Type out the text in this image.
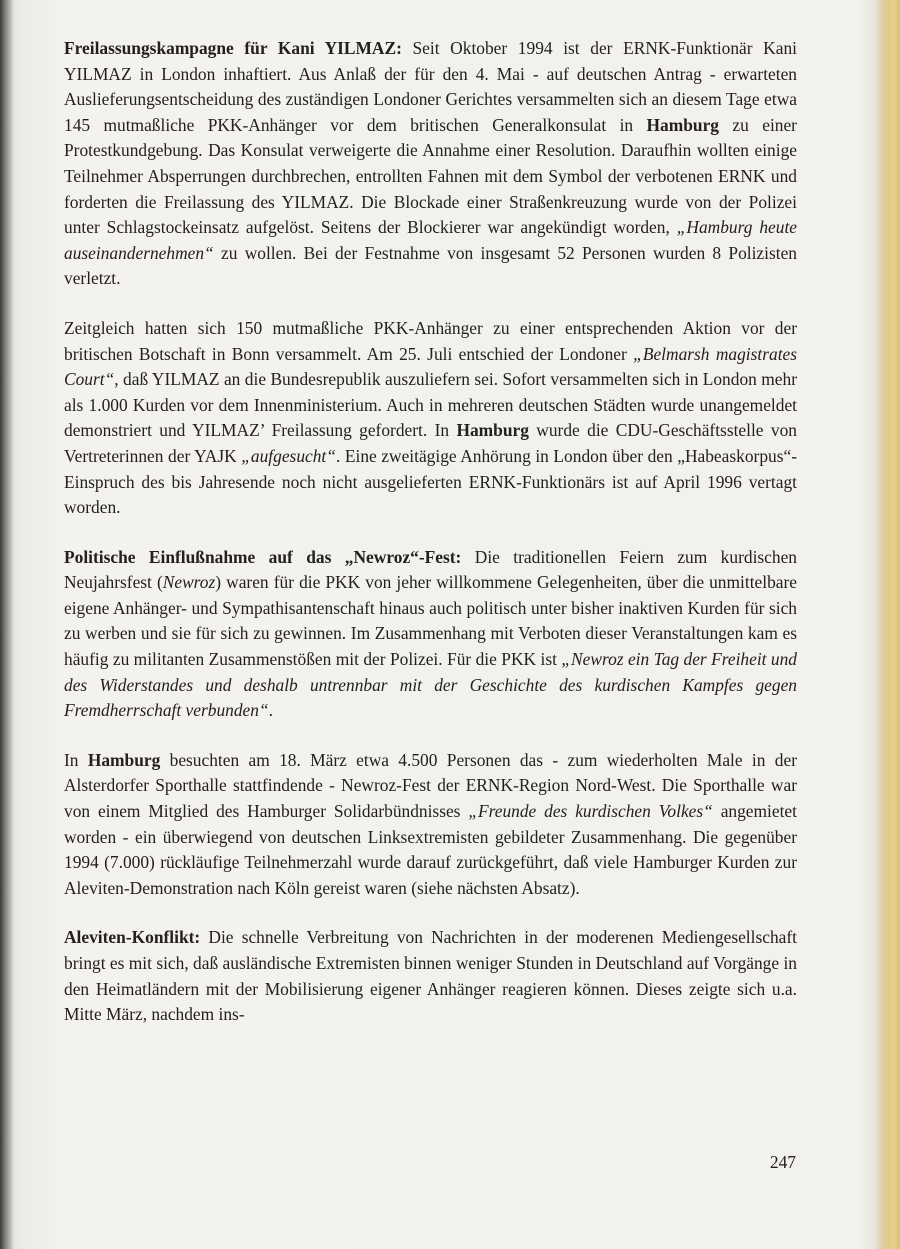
Freilassungskampagne für Kani YILMAZ: Seit Oktober 1994 ist der ERNK-Funktionär Kani YILMAZ in London inhaftiert. Aus Anlaß der für den 4. Mai - auf deutschen Antrag - erwarteten Auslieferungsentscheidung des zuständigen Londoner Gerichtes versammelten sich an diesem Tage etwa 145 mutmaßliche PKK-Anhänger vor dem britischen Generalkonsulat in Hamburg zu einer Protestkundgebung. Das Konsulat verweigerte die Annahme einer Resolution. Daraufhin wollten einige Teilnehmer Absperrungen durchbrechen, entrollten Fahnen mit dem Symbol der verbotenen ERNK und forderten die Freilassung des YILMAZ. Die Blockade einer Straßenkreuzung wurde von der Polizei unter Schlagstockeinsatz aufgelöst. Seitens der Blockierer war angekündigt worden, „Hamburg heute auseinandernehmen“ zu wollen. Bei der Festnahme von insgesamt 52 Personen wurden 8 Polizisten verletzt.

Zeitgleich hatten sich 150 mutmaßliche PKK-Anhänger zu einer entsprechenden Aktion vor der britischen Botschaft in Bonn versammelt. Am 25. Juli entschied der Londoner „Belmarsh magistrates Court“, daß YILMAZ an die Bundesrepublik auszuliefern sei. Sofort versammelten sich in London mehr als 1.000 Kurden vor dem Innenministerium. Auch in mehreren deutschen Städten wurde unangemeldet demonstriert und YILMAZ’ Freilassung gefordert. In Hamburg wurde die CDU-Geschäftsstelle von Vertreterinnen der YAJK „aufgesucht“. Eine zweitägige Anhörung in London über den „Habeaskorpus“-Einspruch des bis Jahresende noch nicht ausgelieferten ERNK-Funktionärs ist auf April 1996 vertagt worden.

Politische Einflußnahme auf das „Newroz“-Fest: Die traditionellen Feiern zum kurdischen Neujahrsfest (Newroz) waren für die PKK von jeher willkommene Gelegenheiten, über die unmittelbare eigene Anhänger- und Sympathisantenschaft hinaus auch politisch unter bisher inaktiven Kurden für sich zu werben und sie für sich zu gewinnen. Im Zusammenhang mit Verboten dieser Veranstaltungen kam es häufig zu militanten Zusammenstößen mit der Polizei. Für die PKK ist „Newroz ein Tag der Freiheit und des Widerstandes und deshalb untrennbar mit der Geschichte des kurdischen Kampfes gegen Fremdherrschaft verbunden“.

In Hamburg besuchten am 18. März etwa 4.500 Personen das - zum wiederholten Male in der Alsterdorfer Sporthalle stattfindende - Newroz-Fest der ERNK-Region Nord-West. Die Sporthalle war von einem Mitglied des Hamburger Solidarbündnisses „Freunde des kurdischen Volkes“ angemietet worden - ein überwiegend von deutschen Linksextremisten gebildeter Zusammenhang. Die gegenüber 1994 (7.000) rückläufige Teilnehmerzahl wurde darauf zurückgeführt, daß viele Hamburger Kurden zur Aleviten-Demonstration nach Köln gereist waren (siehe nächsten Absatz).

Aleviten-Konflikt: Die schnelle Verbreitung von Nachrichten in der moderenen Mediengesellschaft bringt es mit sich, daß ausländische Extremisten binnen weniger Stunden in Deutschland auf Vorgänge in den Heimatländern mit der Mobilisierung eigener Anhänger reagieren können. Dieses zeigte sich u.a. Mitte März, nachdem ins-

247
